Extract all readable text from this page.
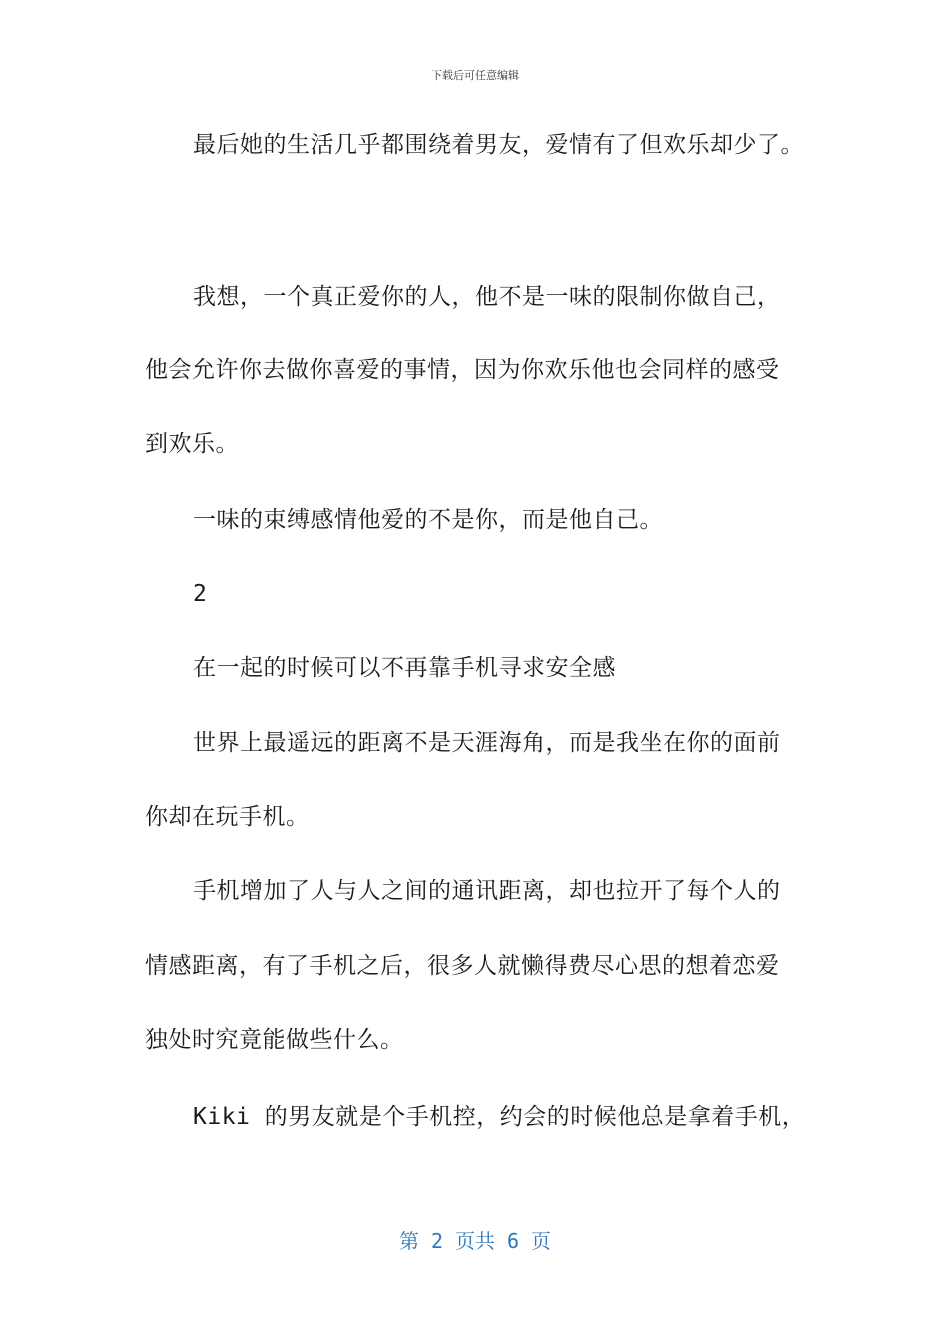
下载后可任意编辑
最后她的生活几乎都围绕着男友，爱情有了但欢乐却少了。
我想，一个真正爱你的人，他不是一味的限制你做自己，
他会允许你去做你喜爱的事情，因为你欢乐他也会同样的感受
到欢乐。
一味的束缚感情他爱的不是你，而是他自己。
2
在一起的时候可以不再靠手机寻求安全感
世界上最遥远的距离不是天涯海角，而是我坐在你的面前
你却在玩手机。
手机增加了人与人之间的通讯距离，却也拉开了每个人的
情感距离，有了手机之后，很多人就懒得费尽心思的想着恋爱
独处时究竟能做些什么。
Kiki 的男友就是个手机控，约会的时候他总是拿着手机，
第 2 页共 6 页
